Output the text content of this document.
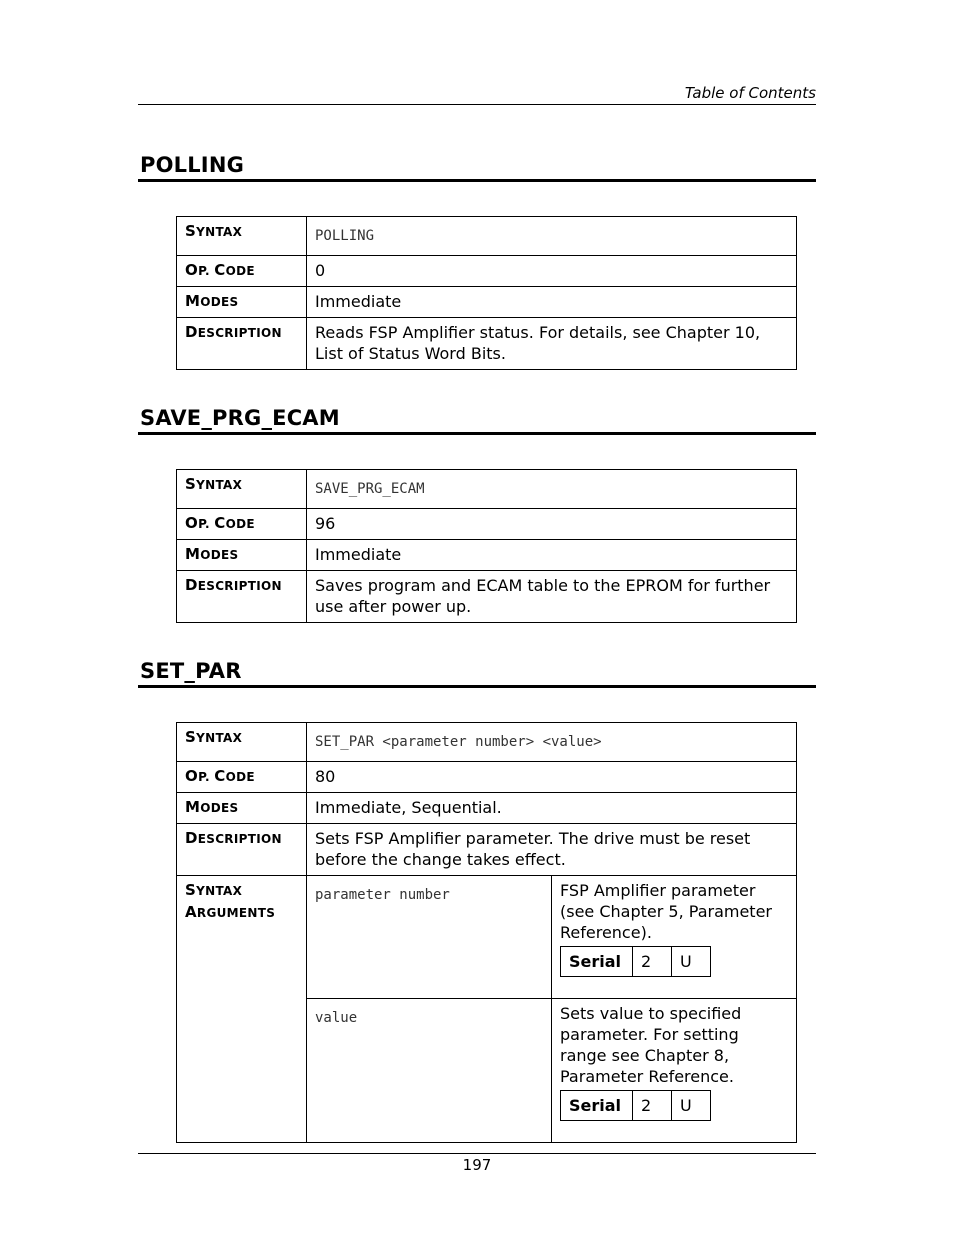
Table of Contents
POLLING
SYNTAX	POLLING
OP. CODE	0
MODES	Immediate
DESCRIPTION	Reads FSP Amplifier status. For details, see Chapter 10, List of Status Word Bits.
SAVE_PRG_ECAM
SYNTAX	SAVE_PRG_ECAM
OP. CODE	96
MODES	Immediate
DESCRIPTION	Saves program and ECAM table to the EPROM for further use after power up.
SET_PAR
SYNTAX	SET_PAR <parameter number> <value>
OP. CODE	80
MODES	Immediate, Sequential.
DESCRIPTION	Sets FSP Amplifier parameter. The drive must be reset before the change takes effect.

SYNTAX
ARGUMENTS
	parameter number	FSP Amplifier parameter (see Chapter 5, Parameter Reference).
Serial	2	U

value	Sets value to specified parameter. For setting range see Chapter 8, Parameter Reference.
Serial	2	U
197
